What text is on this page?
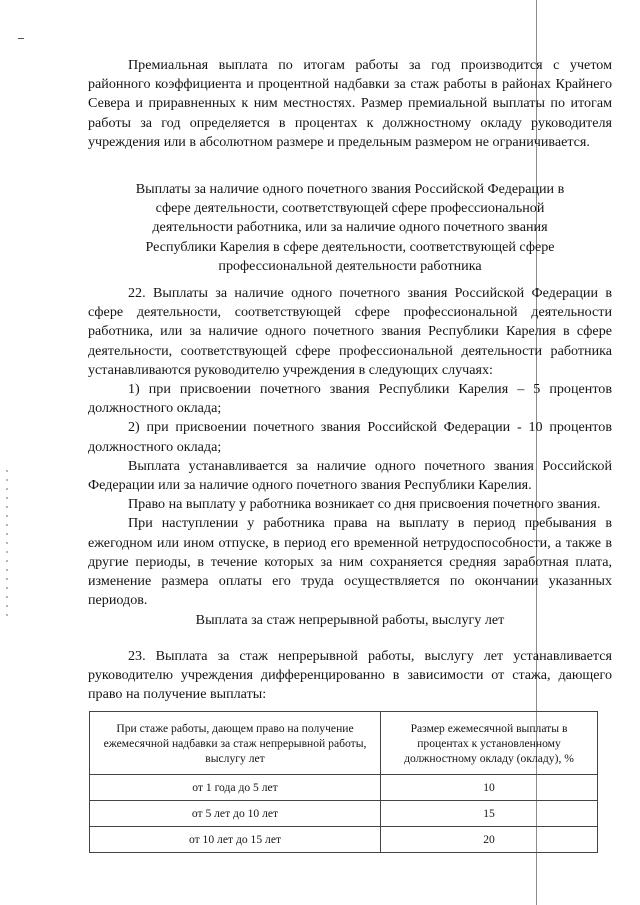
Премиальная выплата по итогам работы за год производится с учетом районного коэффициента и процентной надбавки за стаж работы в районах Крайнего Севера и приравненных к ним местностях. Размер премиальной выплаты по итогам работы за год определяется в процентах к должностному окладу руководителя учреждения или в абсолютном размере и предельным размером не ограничивается.

Выплаты за наличие одного почетного звания Российской Федерации в сфере деятельности, соответствующей сфере профессиональной деятельности работника, или за наличие одного почетного звания Республики Карелия в сфере деятельности, соответствующей сфере профессиональной деятельности работника

22. Выплаты за наличие одного почетного звания Российской Федерации в сфере деятельности, соответствующей сфере профессиональной деятельности работника, или за наличие одного почетного звания Республики Карелия в сфере деятельности, соответствующей сфере профессиональной деятельности работника устанавливаются руководителю учреждения в следующих случаях:

1) при присвоении почетного звания Республики Карелия – 5 процентов должностного оклада;

2) при присвоении почетного звания Российской Федерации - 10 процентов должностного оклада;

Выплата устанавливается за наличие одного почетного звания Российской Федерации или за наличие одного почетного звания Республики Карелия.

Право на выплату у работника возникает со дня присвоения почетного звания.

При наступлении у работника права на выплату в период пребывания в ежегодном или ином отпуске, в период его временной нетрудоспособности, а также в другие периоды, в течение которых за ним сохраняется средняя заработная плата, изменение размера оплаты его труда осуществляется по окончании указанных периодов.

Выплата за стаж непрерывной работы, выслугу лет

23. Выплата за стаж непрерывной работы, выслугу лет устанавливается руководителю учреждения дифференцированно в зависимости от стажа, дающего право на получение выплаты:

При стаже работы, дающем право на получение ежемесячной надбавки за стаж непрерывной работы, выслугу лет	Размер ежемесячной выплаты в процентах к установленному должностному окладу (окладу), %
от 1 года до 5 лет	10
от 5 лет до 10 лет	15
от 10 лет до 15 лет	20
